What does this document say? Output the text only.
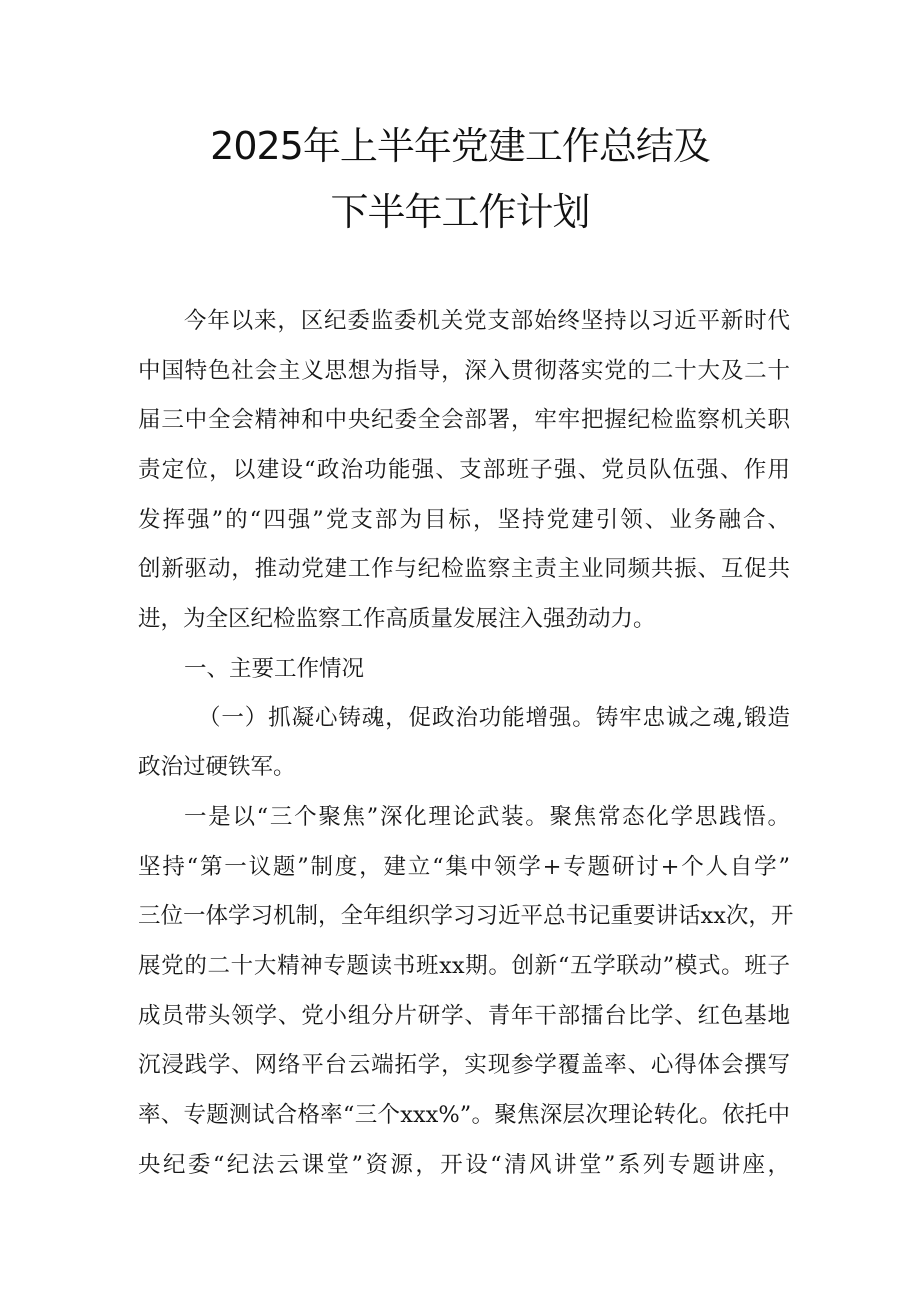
2025年上半年党建工作总结及
下半年工作计划
今年以来，区纪委监委机关党支部始终坚持以习近平新时代
中国特色社会主义思想为指导，深入贯彻落实党的二十大及二十
届三中全会精神和中央纪委全会部署，牢牢把握纪检监察机关职
责定位，以建设“政治功能强、支部班子强、党员队伍强、作用
发挥强”的“四强”党支部为目标，坚持党建引领、业务融合、
创新驱动，推动党建工作与纪检监察主责主业同频共振、互促共
进，为全区纪检监察工作高质量发展注入强劲动力。
一、主要工作情况
（一）抓凝心铸魂，促政治功能增强。铸牢忠诚之魂,锻造
政治过硬铁军。
一是以“三个聚焦”深化理论武装。聚焦常态化学思践悟。
坚持“第一议题”制度，建立“集中领学+专题研讨+个人自学”
三位一体学习机制，全年组织学习习近平总书记重要讲话xx次，开
展党的二十大精神专题读书班xx期。创新“五学联动”模式。班子
成员带头领学、党小组分片研学、青年干部擂台比学、红色基地
沉浸践学、网络平台云端拓学，实现参学覆盖率、心得体会撰写
率、专题测试合格率“三个xxx%”。聚焦深层次理论转化。依托中
央纪委“纪法云课堂”资源，开设“清风讲堂”系列专题讲座，
